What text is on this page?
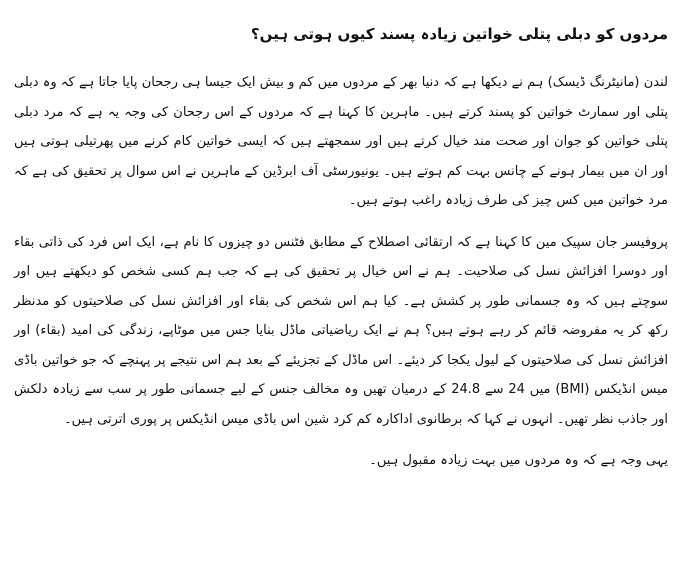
مردوں کو دبلی پتلی خواتین زیادہ پسند کیوں ہوتی ہیں؟

لندن (مانیٹرنگ ڈیسک) ہم نے دیکھا ہے کہ دنیا بھر کے مردوں میں کم و بیش ایک جیسا ہی رجحان پایا جاتا ہے کہ وہ دبلی پتلی اور سمارٹ خواتین کو پسند کرتے ہیں۔ ماہرین کا کہنا ہے کہ مردوں کے اس رجحان کی وجہ یہ ہے کہ مرد دبلی پتلی خواتین کو جوان اور صحت مند خیال کرتے ہیں اور سمجھتے ہیں کہ ایسی خواتین کام کرنے میں پھرتیلی ہوتی ہیں اور ان میں بیمار ہونے کے چانس بہت کم ہوتے ہیں۔ یونیورسٹی آف ابرڈین کے ماہرین نے اس سوال پر تحقیق کی ہے کہ مرد خواتین میں کس چیز کی طرف زیادہ راغب ہوتے ہیں۔

پروفیسر جان سپیک مین کا کہنا ہے کہ ارتقائی اصطلاح کے مطابق فٹنس دو چیزوں کا نام ہے، ایک اس فرد کی ذاتی بقاء اور دوسرا افزائش نسل کی صلاحیت۔ ہم نے اس خیال پر تحقیق کی ہے کہ جب ہم کسی شخص کو دیکھتے ہیں اور سوچتے ہیں کہ وہ جسمانی طور پر کشش ہے۔ کیا ہم اس شخص کی بقاء اور افزائش نسل کی صلاحیتوں کو مدنظر رکھ کر یہ مفروضہ قائم کر رہے ہوتے ہیں؟ ہم نے ایک ریاضیاتی ماڈل بنایا جس میں موٹاپے، زندگی کی امید (بقاء) اور افزائش نسل کی صلاحیتوں کے لیول یکجا کر دیئے۔ اس ماڈل کے تجزیئے کے بعد ہم اس نتیجے پر پہنچے کہ جو خواتین باڈی میس انڈیکس (BMI) میں 24 سے 24.8 کے درمیان تھیں وہ مخالف جنس کے لیے جسمانی طور پر سب سے زیادہ دلکش اور جاذب نظر تھیں۔ انہوں نے کہا کہ برطانوی اداکارہ کم کرد شین اس باڈی میس انڈیکس پر پوری اترتی ہیں۔

یہی وجہ ہے کہ وہ مردوں میں بہت زیادہ مقبول ہیں۔
